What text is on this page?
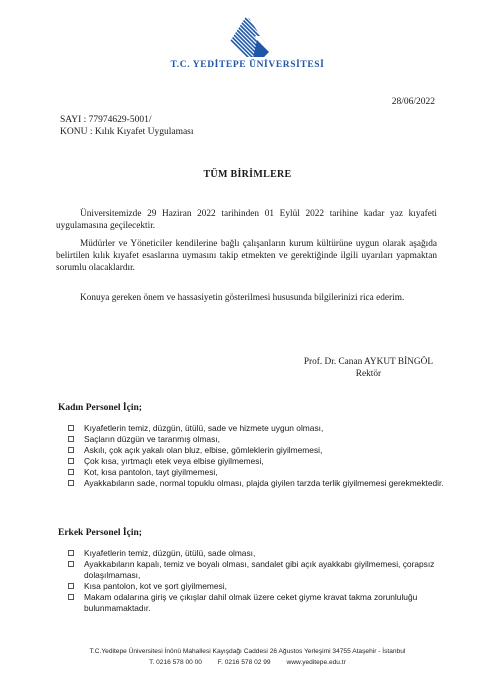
T.C. YEDİTEPE ÜNİVERSİTESİ
28/06/2022
SAYI : 77974629-5001/
KONU : Kılık Kıyafet Uygulaması
TÜM BİRİMLERE

Üniversitemizde 29 Haziran 2022 tarihinden 01 Eylül 2022 tarihine kadar yaz kıyafeti uygulamasına geçilecektir.

Müdürler ve Yöneticiler kendilerine bağlı çalışanların kurum kültürüne uygun olarak aşağıda belirtilen kılık kıyafet esaslarına uymasını takip etmekten ve gerektiğinde ilgili uyarıları yapmaktan sorumlu olacaklardır.

Konuya gereken önem ve hassasiyetin gösterilmesi hususunda bilgilerinizi rica ederim.

Prof. Dr. Canan AYKUT BİNGÖL
Rektör
Kadın Personel İçin;
Kıyafetlerin temiz, düzgün, ütülü, sade ve hizmete uygun olması,
Saçların düzgün ve taranmış olması,
Askılı, çok açık yakalı olan bluz, elbise, gömleklerin giyilmemesi,
Çok kısa, yırtmaçlı etek veya elbise giyilmemesi,
Kot, kısa pantolon, tayt giyilmemesi,
Ayakkabıların sade, normal topuklu olması, plajda giyilen tarzda terlik giyilmemesi gerekmektedir.
Erkek Personel İçin;
Kıyafetlerin temiz, düzgün, ütülü, sade olması,
Ayakkabıların kapalı, temiz ve boyalı olması, sandalet gibi açık ayakkabı giyilmemesi, çorapsız dolaşılmaması,
Kısa pantolon, kot ve şort giyilmemesi,
Makam odalarına giriş ve çıkışlar dahil olmak üzere ceket giyme kravat takma zorunluluğu bulunmamaktadır.
T.C.Yeditepe Üniversitesi İnönü Mahallesi Kayışdağı Caddesi 26 Ağustos Yerleşimi 34755 Ataşehir - İstanbul
T. 0216 578 00 00 F. 0216 578 02 99 www.yeditepe.edu.tr
